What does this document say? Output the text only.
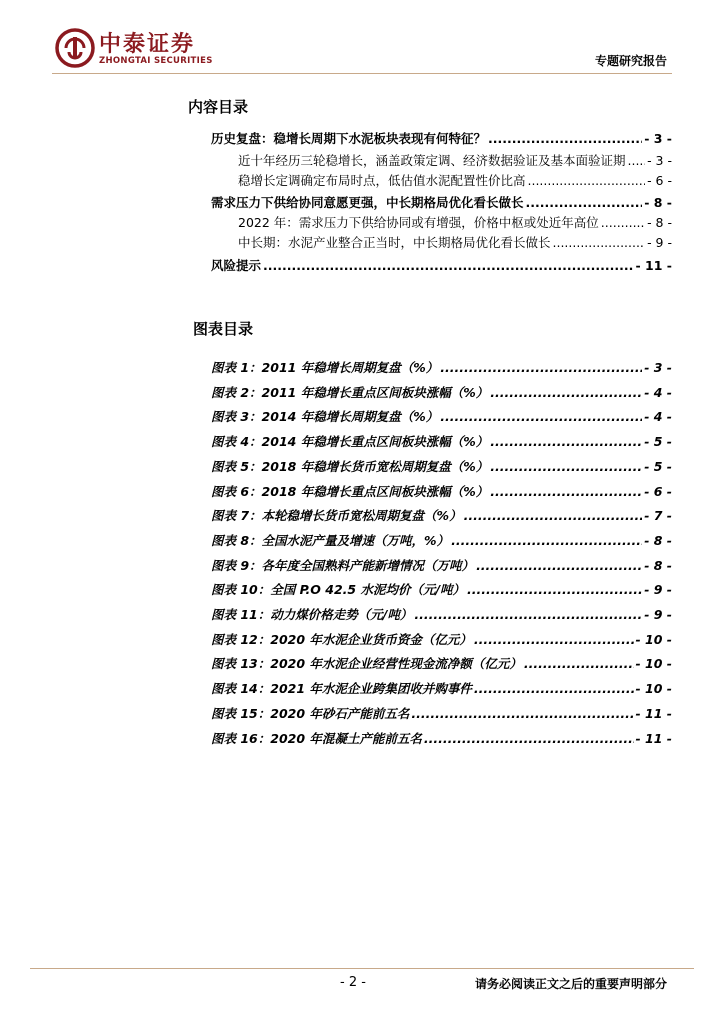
中泰证券
ZHONGTAI SECURITIES	专题研究报告
内容目录
历史复盘：稳增长周期下水泥板块表现有何特征？ .....	- 3 -
近十年经历三轮稳增长，涵盖政策定调、经济数据验证及基本面验证期 ..... - 3 -
稳增长定调确定布局时点，低估值水泥配置性价比高 .....	- 6 -
需求压力下供给协同意愿更强，中长期格局优化看长做长 .....	- 8 -
2022 年：需求压力下供给协同或有增强，价格中枢或处近年高位 .....	- 8 -
中长期：水泥产业整合正当时，中长期格局优化看长做长 .....	- 9 -
风险提示 .....	- 11 -
图表目录
图表 1：2011 年稳增长周期复盘（%） .....	- 3 -
图表 2：2011 年稳增长重点区间板块涨幅（%） .....	- 4 -
图表 3：2014 年稳增长周期复盘（%） .....	- 4 -
图表 4：2014 年稳增长重点区间板块涨幅（%） .....	- 5 -
图表 5：2018 年稳增长货币宽松周期复盘（%） .....	- 5 -
图表 6：2018 年稳增长重点区间板块涨幅（%） .....	- 6 -
图表 7：本轮稳增长货币宽松周期复盘（%） .....	- 7 -
图表 8：全国水泥产量及增速（万吨，%） .....	- 8 -
图表 9：各年度全国熟料产能新增情况（万吨） .....	- 8 -
图表 10：全国 P.O 42.5 水泥均价（元/吨） .....	- 9 -
图表 11：动力煤价格走势（元/吨） .....	- 9 -
图表 12：2020 年水泥企业货币资金（亿元） .....	- 10 -
图表 13：2020 年水泥企业经营性现金流净额（亿元） .....	- 10 -
图表 14：2021 年水泥企业跨集团收并购事件 .....	- 10 -
图表 15：2020 年砂石产能前五名 .....	- 11 -
图表 16：2020 年混凝土产能前五名 .....	- 11 -
- 2 -	请务必阅读正文之后的重要声明部分
